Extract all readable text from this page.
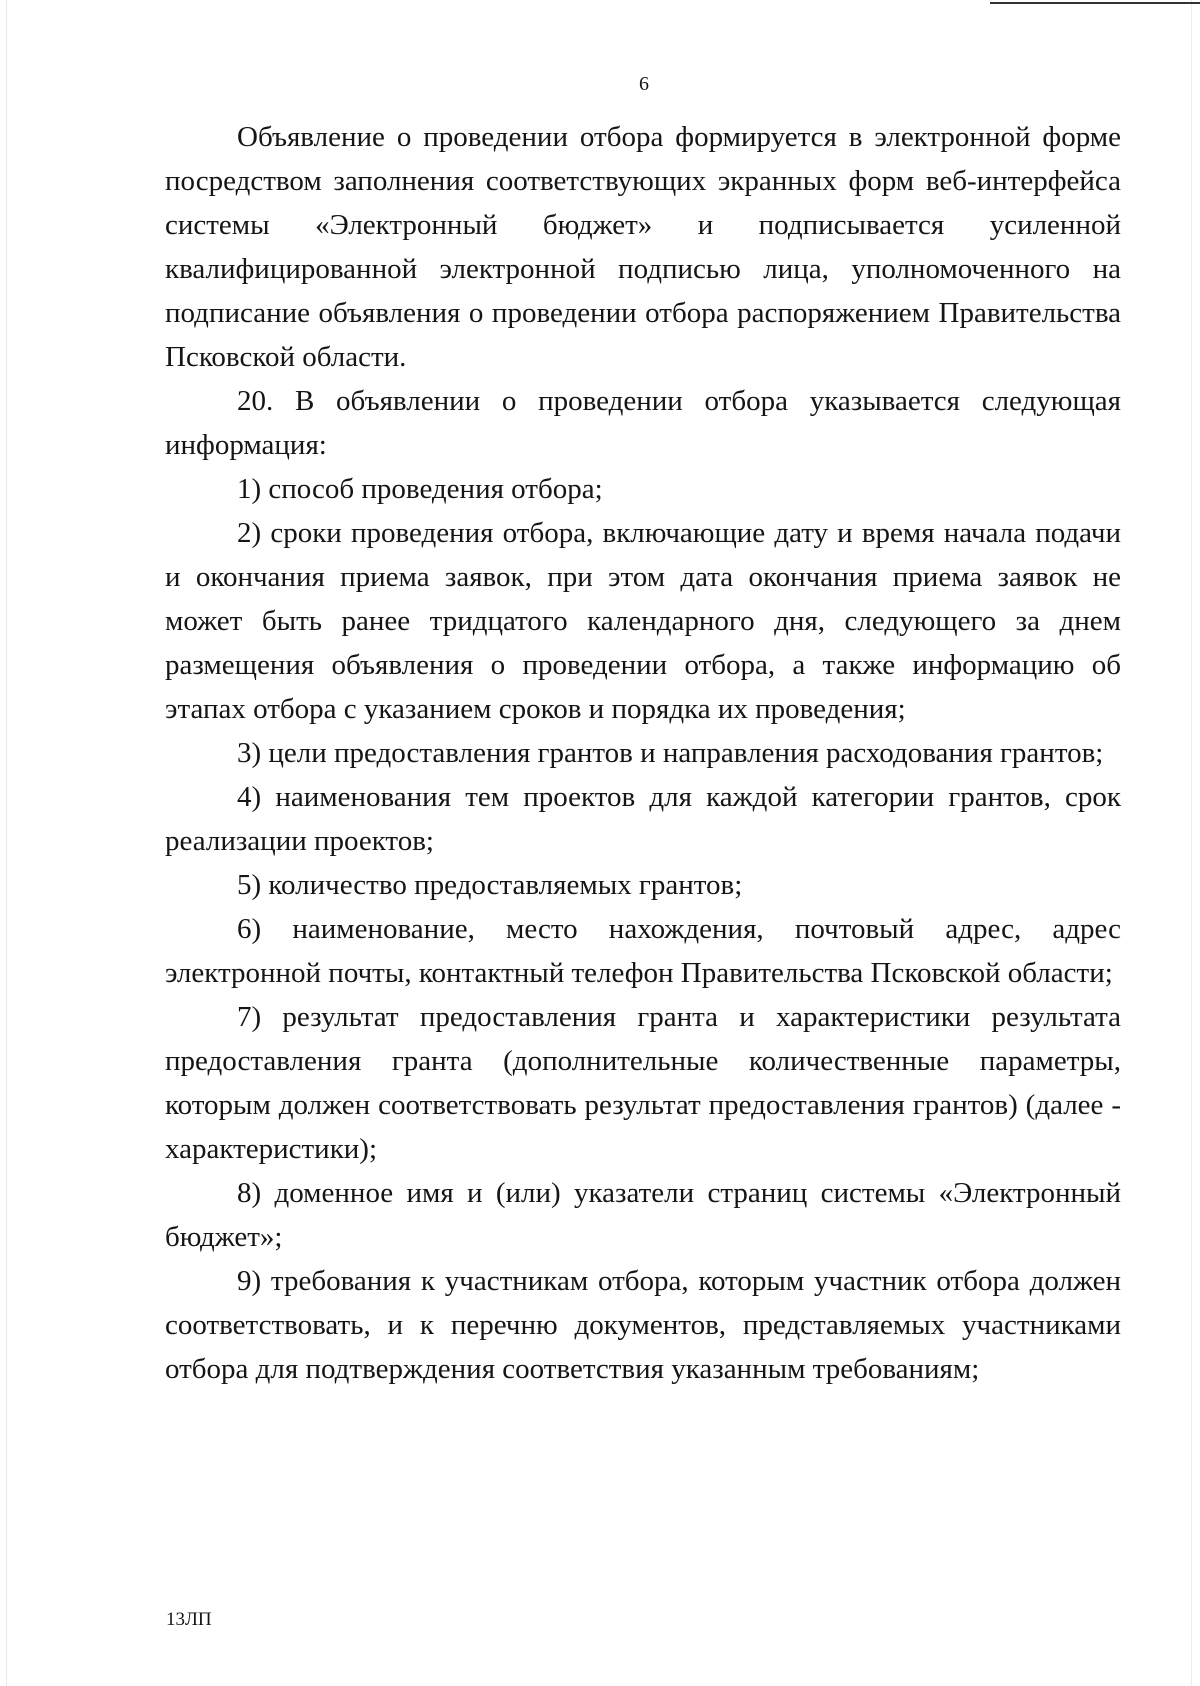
6

Объявление о проведении отбора формируется в электронной форме посредством заполнения соответствующих экранных форм веб-интерфейса системы «Электронный бюджет» и подписывается усиленной квалифицированной электронной подписью лица, уполномоченного на подписание объявления о проведении отбора распоряжением Правительства Псковской области.

20. В объявлении о проведении отбора указывается следующая информация:

1) способ проведения отбора;

2) сроки проведения отбора, включающие дату и время начала подачи и окончания приема заявок, при этом дата окончания приема заявок не может быть ранее тридцатого календарного дня, следующего за днем размещения объявления о проведении отбора, а также информацию об этапах отбора с указанием сроков и порядка их проведения;

3) цели предоставления грантов и направления расходования грантов;

4) наименования тем проектов для каждой категории грантов, срок реализации проектов;

5) количество предоставляемых грантов;

6) наименование, место нахождения, почтовый адрес, адрес электронной почты, контактный телефон Правительства Псковской области;

7) результат предоставления гранта и характеристики результата предоставления гранта (дополнительные количественные параметры, которым должен соответствовать результат предоставления грантов) (далее - характеристики);

8) доменное имя и (или) указатели страниц системы «Электронный бюджет»;

9) требования к участникам отбора, которым участник отбора должен соответствовать, и к перечню документов, представляемых участниками отбора для подтверждения соответствия указанным требованиям;

13ЛП
